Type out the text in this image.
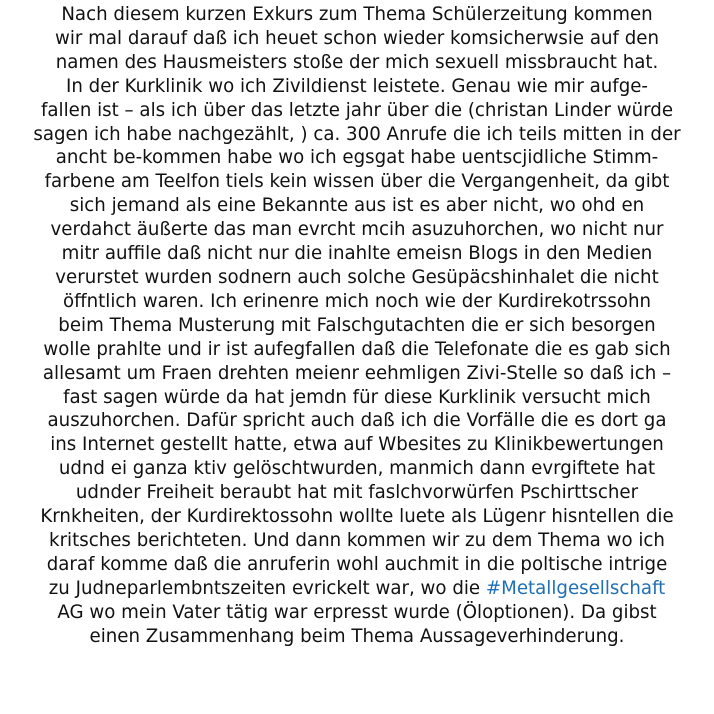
Nach diesem kurzen Exkurs zum Thema Schülerzeitung kommen
wir mal darauf daß ich heuet schon wieder komsicherwsie auf den
namen des Hausmeisters stoße der mich sexuell missbraucht hat.
In der Kurklinik wo ich Zivildienst leistete. Genau wie mir aufge-
fallen ist – als ich über das letzte jahr über die (christan Linder würde
sagen ich habe nachgezählt, ) ca. 300 Anrufe die ich teils mitten in der
ancht be-kommen habe wo ich egsgat habe uentscjidliche Stimm-
farbene am Teelfon tiels kein wissen über die Vergangenheit, da gibt
sich jemand als eine Bekannte aus ist es aber nicht, wo ohd en
verdahct äußerte das man evrcht mcih asuzuhorchen, wo nicht nur
mitr auffile daß nicht nur die inahlte emeisn Blogs in den Medien
verurstet wurden sodnern auch solche Gesüpäcshinhalet die nicht
öffntlich waren. Ich erinenre mich noch wie der Kurdirekotrssohn
beim Thema Musterung mit Falschgutachten die er sich besorgen
wolle prahlte und ir ist aufegfallen daß die Telefonate die es gab sich
allesamt um Fraen drehten meienr eehmligen Zivi-Stelle so daß ich –
fast sagen würde da hat jemdn für diese Kurklinik versucht mich
auszuhorchen. Dafür spricht auch daß ich die Vorfälle die es dort ga
ins Internet gestellt hatte, etwa auf Wbesites zu Klinikbewertungen
udnd ei ganza ktiv gelöschtwurden, manmich dann evrgiftete hat
udnder Freiheit beraubt hat mit faslchvorwürfen Pschirttscher
Krnkheiten, der Kurdirektossohn wollte luete als Lügenr hisntellen die
kritsches berichteten. Und dann kommen wir zu dem Thema wo ich
daraf komme daß die anruferin wohl auchmit in die poltische intrige
zu Judneparlembntszeiten evrickelt war, wo die #Metallgesellschaft
AG wo mein Vater tätig war erpresst wurde (Öloptionen). Da gibst
einen Zusammenhang beim Thema Aussageverhinderung.
